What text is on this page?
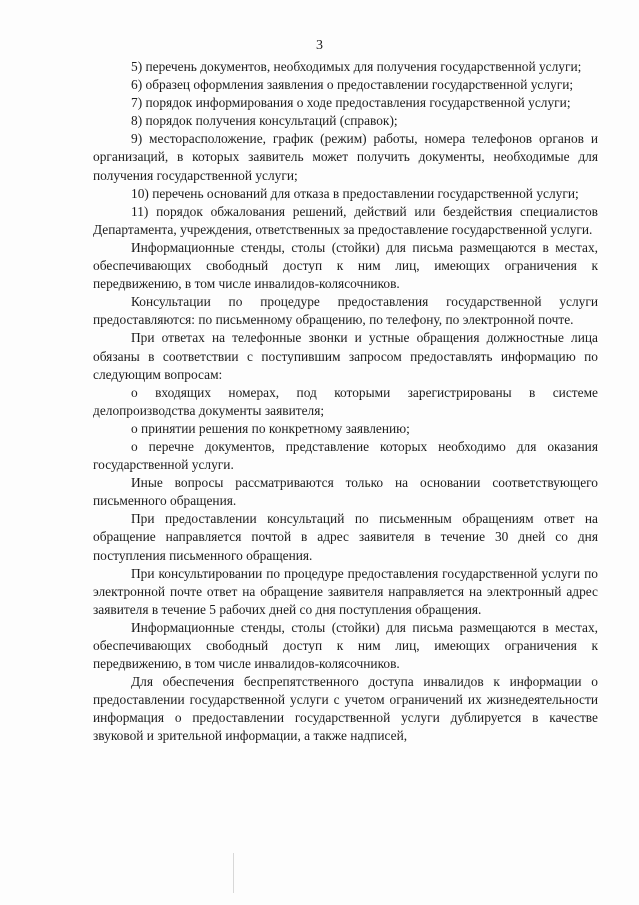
3

5) перечень документов, необходимых для получения государственной услуги;

6) образец оформления заявления о предоставлении государственной услуги;

7) порядок информирования о ходе предоставления государственной услуги;

8) порядок получения консультаций (справок);

9) месторасположение, график (режим) работы, номера телефонов органов и организаций, в которых заявитель может получить документы, необходимые для получения государственной услуги;

10) перечень оснований для отказа в предоставлении государственной услуги;

11) порядок обжалования решений, действий или бездействия специалистов Департамента, учреждения, ответственных за предоставление государственной услуги.

Информационные стенды, столы (стойки) для письма размещаются в местах, обеспечивающих свободный доступ к ним лиц, имеющих ограничения к передвижению, в том числе инвалидов-колясочников.

Консультации по процедуре предоставления государственной услуги предоставляются: по письменному обращению, по телефону, по электронной почте.

При ответах на телефонные звонки и устные обращения должностные лица обязаны в соответствии с поступившим запросом предоставлять информацию по следующим вопросам:

о входящих номерах, под которыми зарегистрированы в системе делопроизводства документы заявителя;

о принятии решения по конкретному заявлению;

о перечне документов, представление которых необходимо для оказания государственной услуги.

Иные вопросы рассматриваются только на основании соответствующего письменного обращения.

При предоставлении консультаций по письменным обращениям ответ на обращение направляется почтой в адрес заявителя в течение 30 дней со дня поступления письменного обращения.

При консультировании по процедуре предоставления государственной услуги по электронной почте ответ на обращение заявителя направляется на электронный адрес заявителя в течение 5 рабочих дней со дня поступления обращения.

Информационные стенды, столы (стойки) для письма размещаются в местах, обеспечивающих свободный доступ к ним лиц, имеющих ограничения к передвижению, в том числе инвалидов-колясочников.

Для обеспечения беспрепятственного доступа инвалидов к информации о предоставлении государственной услуги с учетом ограничений их жизнедеятельности информация о предоставлении государственной услуги дублируется в качестве звуковой и зрительной информации, а также надписей,
